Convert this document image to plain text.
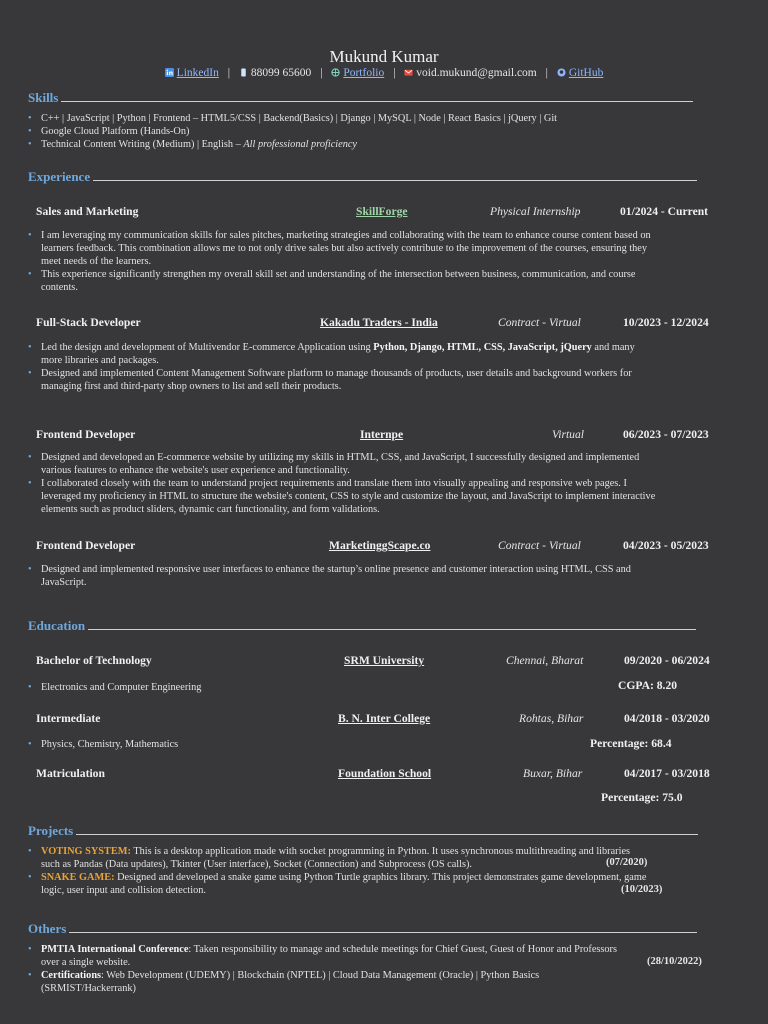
Mukund Kumar
LinkedIn | 88099 65600 | Portfolio | void.mukund@gmail.com | GitHub
Skills
• C++ | JavaScript | Python | Frontend – HTML5/CSS | Backend(Basics) | Django | MySQL | Node | React Basics | jQuery | Git
• Google Cloud Platform (Hands-On)
• Technical Content Writing (Medium) | English – All professional proficiency
Experience
Sales and Marketing	SkillForge	Physical Internship	01/2024 - Current
• I am leveraging my communication skills for sales pitches, marketing strategies and collaborating with the team to enhance course content based on learners feedback. This combination allows me to not only drive sales but also actively contribute to the improvement of the courses, ensuring they meet needs of the learners.
• This experience significantly strengthen my overall skill set and understanding of the intersection between business, communication, and course contents.
Full-Stack Developer	Kakadu Traders - India	Contract - Virtual	10/2023 - 12/2024
• Led the design and development of Multivendor E-commerce Application using Python, Django, HTML, CSS, JavaScript, jQuery and many more libraries and packages.
• Designed and implemented Content Management Software platform to manage thousands of products, user details and background workers for managing first and third-party shop owners to list and sell their products.
Frontend Developer	Internpe	Virtual	06/2023 - 07/2023
• Designed and developed an E-commerce website by utilizing my skills in HTML, CSS, and JavaScript, I successfully designed and implemented various features to enhance the website's user experience and functionality.
• I collaborated closely with the team to understand project requirements and translate them into visually appealing and responsive web pages. I leveraged my proficiency in HTML to structure the website's content, CSS to style and customize the layout, and JavaScript to implement interactive elements such as product sliders, dynamic cart functionality, and form validations.
Frontend Developer	MarketinggScape.co	Contract - Virtual	04/2023 - 05/2023
• Designed and implemented responsive user interfaces to enhance the startup’s online presence and customer interaction using HTML, CSS and JavaScript.
Education
Bachelor of Technology	SRM University	Chennai, Bharat	09/2020 - 06/2024
• Electronics and Computer Engineering	CGPA: 8.20
Intermediate	B. N. Inter College	Rohtas, Bihar	04/2018 - 03/2020
• Physics, Chemistry, Mathematics	Percentage: 68.4
Matriculation	Foundation School	Buxar, Bihar	04/2017 - 03/2018
Percentage: 75.0
Projects
• VOTING SYSTEM: This is a desktop application made with socket programming in Python. It uses synchronous multithreading and libraries such as Pandas (Data updates), Tkinter (User interface), Socket (Connection) and Subprocess (OS calls).
• SNAKE GAME: Designed and developed a snake game using Python Turtle graphics library. This project demonstrates game development, game logic, user input and collision detection.
(07/2020)
(10/2023)
Others
• PMTIA International Conference: Taken responsibility to manage and schedule meetings for Chief Guest, Guest of Honor and Professors over a single website.
• Certifications: Web Development (UDEMY) | Blockchain (NPTEL) | Cloud Data Management (Oracle) | Python Basics (SRMIST/Hackerrank)
(28/10/2022)
